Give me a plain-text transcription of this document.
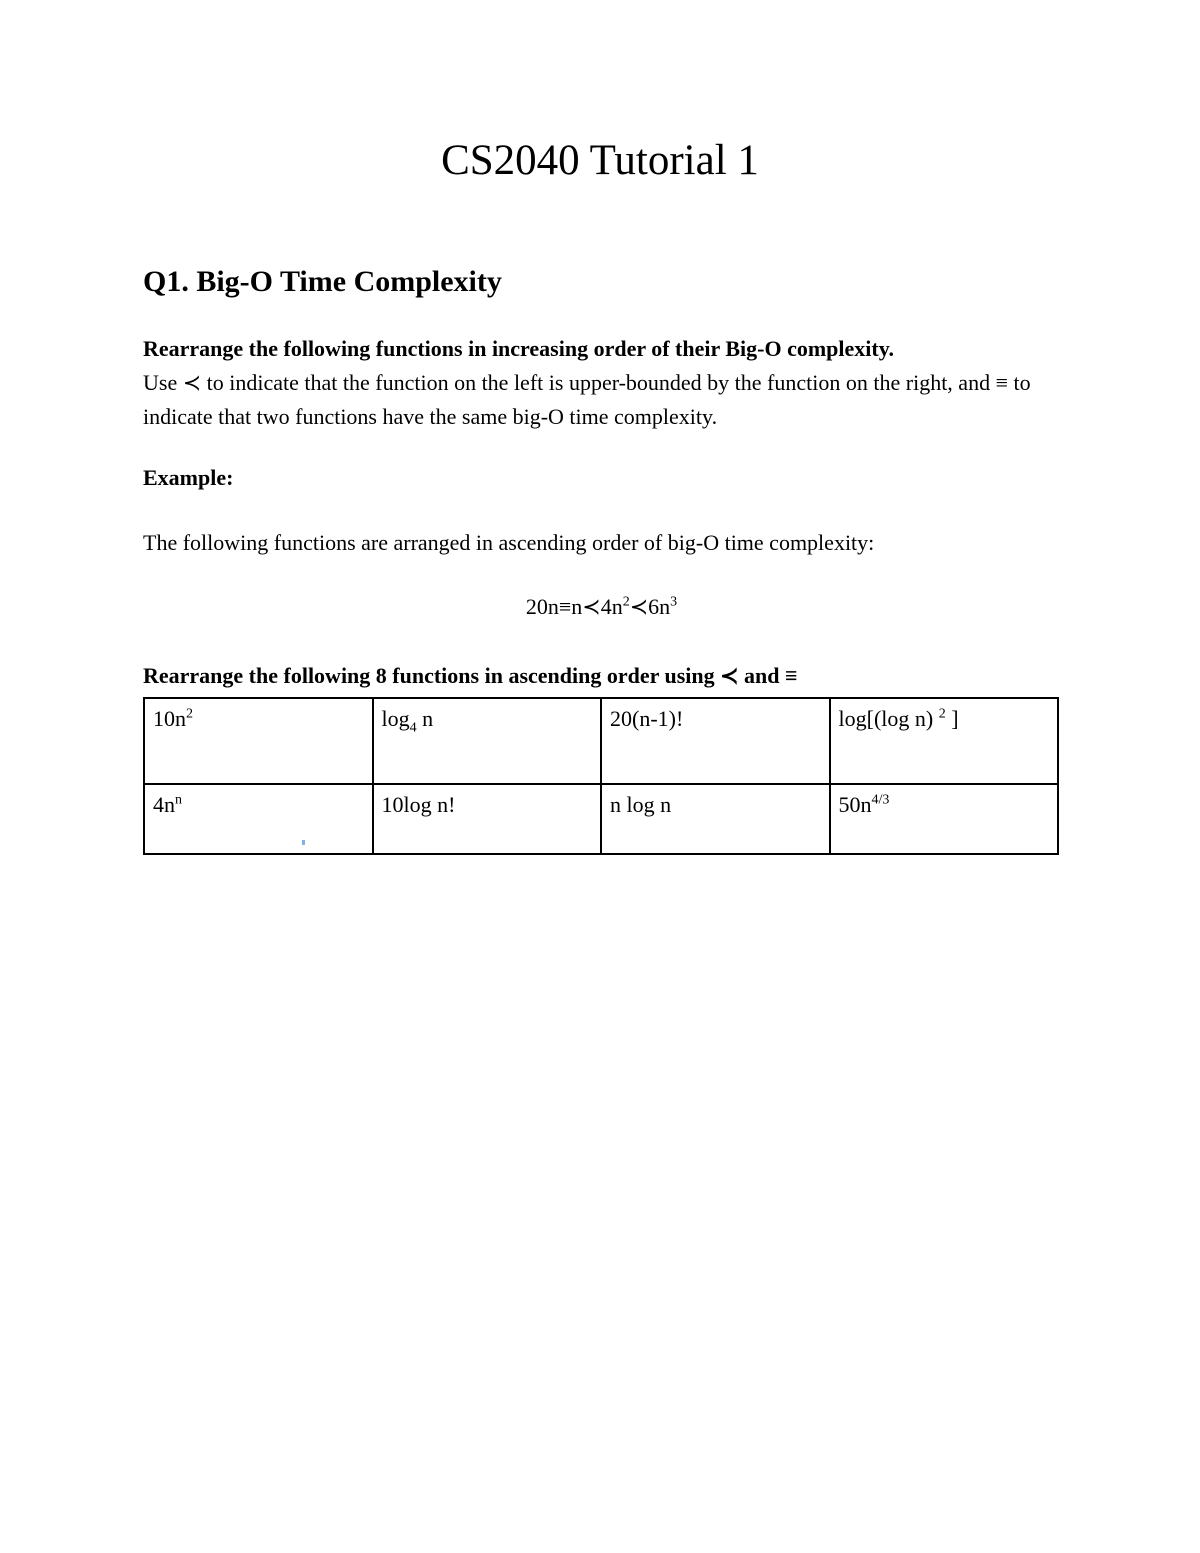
CS2040 Tutorial 1
Q1. Big-O Time Complexity

Rearrange the following functions in increasing order of their Big-O complexity.
Use ≺ to indicate that the function on the left is upper-bounded by the function on the right, and ≡ to indicate that two functions have the same big-O time complexity.

Example:

The following functions are arranged in ascending order of big-O time complexity:

$20n\equiv n≺4n^2≺6n^3$

Rearrange the following 8 functions in ascending order using ≺ and ≡

$10n^2$	$\log_4 n$	20(n-1)!	log[(log n) $^2$ ]
$4n^n$	10log n!	n log n	$50n^{4/3}$
